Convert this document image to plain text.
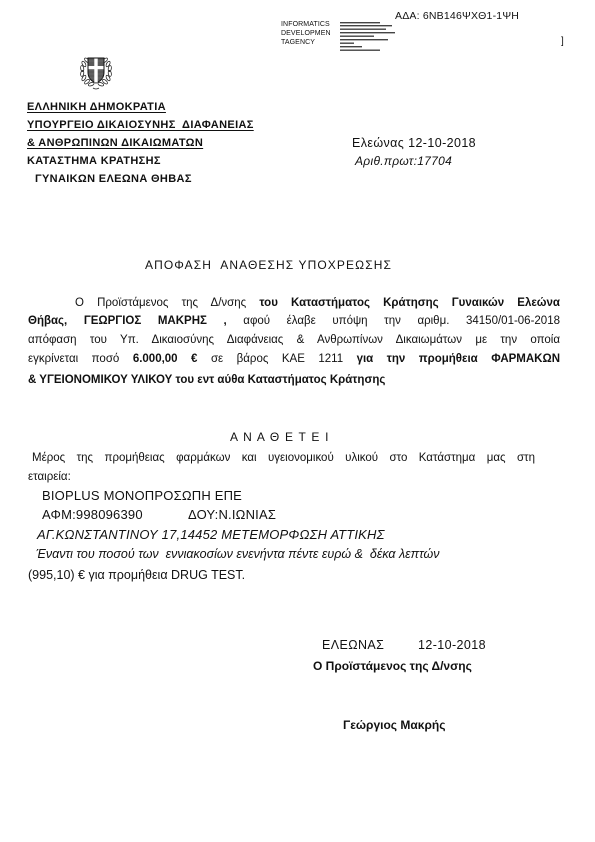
ΑΔΑ: 6ΝΒ146ΨΧΘ1-1ΨΗ
INFORMATICS
DEVELOPMEN
TAGENCY	]
ΕΛΛΗΝΙΚΗ ΔΗΜΟΚΡΑΤΙΑ
ΥΠΟΥΡΓΕΙΟ ΔΙΚΑΙΟΣΥΝΗΣ  ΔΙΑΦΑΝΕΙΑΣ
& ΑΝΘΡΩΠΙΝΩΝ ΔΙΚΑΙΩΜΑΤΩΝ
ΚΑΤΑΣΤΗΜΑ ΚΡΑΤΗΣΗΣ
ΓΥΝΑΙΚΩΝ ΕΛΕΩΝΑ ΘΗΒΑΣ
Ελεώνας 12-10-2018
Αριθ.πρωτ:17704
ΑΠΟΦΑΣΗ  ΑΝΑΘΕΣΗΣ ΥΠΟΧΡΕΩΣΗΣ
Ο Προϊστάμενος της Δ/νσης του Καταστήματος Κράτησης Γυναικών Ελεώνα
Θήβας, ΓΕΩΡΓΙΟΣ ΜΑΚΡΗΣ , αφού έλαβε υπόψη την αριθμ. 34150/01-06-2018
απόφαση του Υπ. Δικαιοσύνης Διαφάνειας & Ανθρωπίνων Δικαιωμάτων με την οποία
εγκρίνεται ποσό 6.000,00 € σε βάρος ΚΑΕ 1211 για την προμήθεια ΦΑΡΜΑΚΩΝ
& ΥΓΕΙΟΝΟΜΙΚΟΥ ΥΛΙΚΟΥ του εντ αύθα Καταστήματος Κράτησης
Α Ν Α Θ Ε Τ Ε Ι
Μέρος της προμήθειας φαρμάκων και υγειονομικού υλικού στο Κατάστημα μας στη
εταιρεία:
BIOPLUS ΜΟΝΟΠΡΟΣΩΠΗ ΕΠΕ
ΑΦΜ:998096390	ΔΟΥ:Ν.ΙΩΝΙΑΣ
ΑΓ.ΚΩΝΣΤΑΝΤΙΝΟΥ 17,14452 ΜΕΤΕΜΟΡΦΩΣΗ ΑΤΤΙΚΗΣ
Έναντι του ποσού των  εννιακοσίων ενενήντα πέντε ευρώ &  δέκα λεπτών
(995,10) € για προμήθεια DRUG TEST.
ΕΛΕΩΝΑΣ	12-10-2018
Ο Προϊστάμενος της Δ/νσης
Γεώργιος Μακρής
